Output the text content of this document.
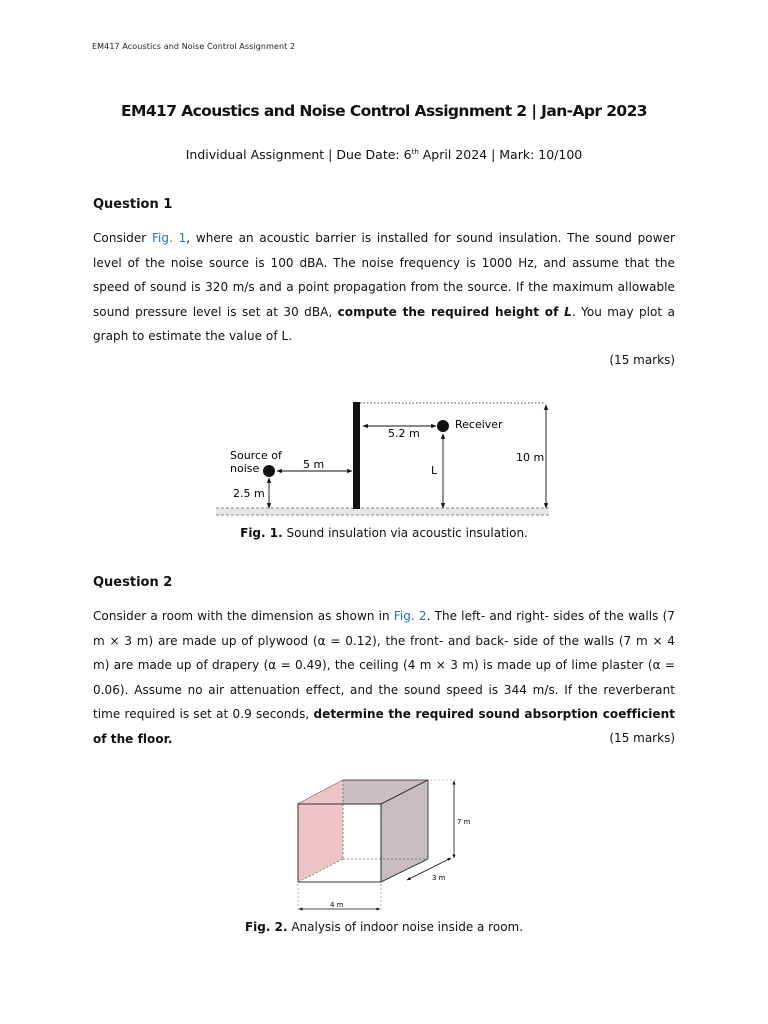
EM417 Acoustics and Noise Control Assignment 2
EM417 Acoustics and Noise Control Assignment 2 | Jan-Apr 2023
Individual Assignment | Due Date: 6th April 2024 | Mark: 10/100
Question 1
Consider Fig. 1, where an acoustic barrier is installed for sound insulation. The sound power level of the noise source is 100 dBA. The noise frequency is 1000 Hz, and assume that the speed of sound is 320 m/s and a point propagation from the source. If the maximum allowable sound pressure level is set at 30 dBA, compute the required height of L. You may plot a graph to estimate the value of L.
(15 marks)
5.2 m
Receiver
L
10 m
Source of
noise	5 m
2.5 m
Fig. 1. Sound insulation via acoustic insulation.
Question 2
Consider a room with the dimension as shown in Fig. 2. The left- and right- sides of the walls (7 m × 3 m) are made up of plywood (α = 0.12), the front- and back- side of the walls (7 m × 4 m) are made up of drapery (α = 0.49), the ceiling (4 m × 3 m) is made up of lime plaster (α = 0.06). Assume no air attenuation effect, and the sound speed is 344 m/s. If the reverberant time required is set at 0.9 seconds, determine the required sound absorption coefficient of the floor.	(15 marks)
7 m
3 m
4 m
Fig. 2. Analysis of indoor noise inside a room.
